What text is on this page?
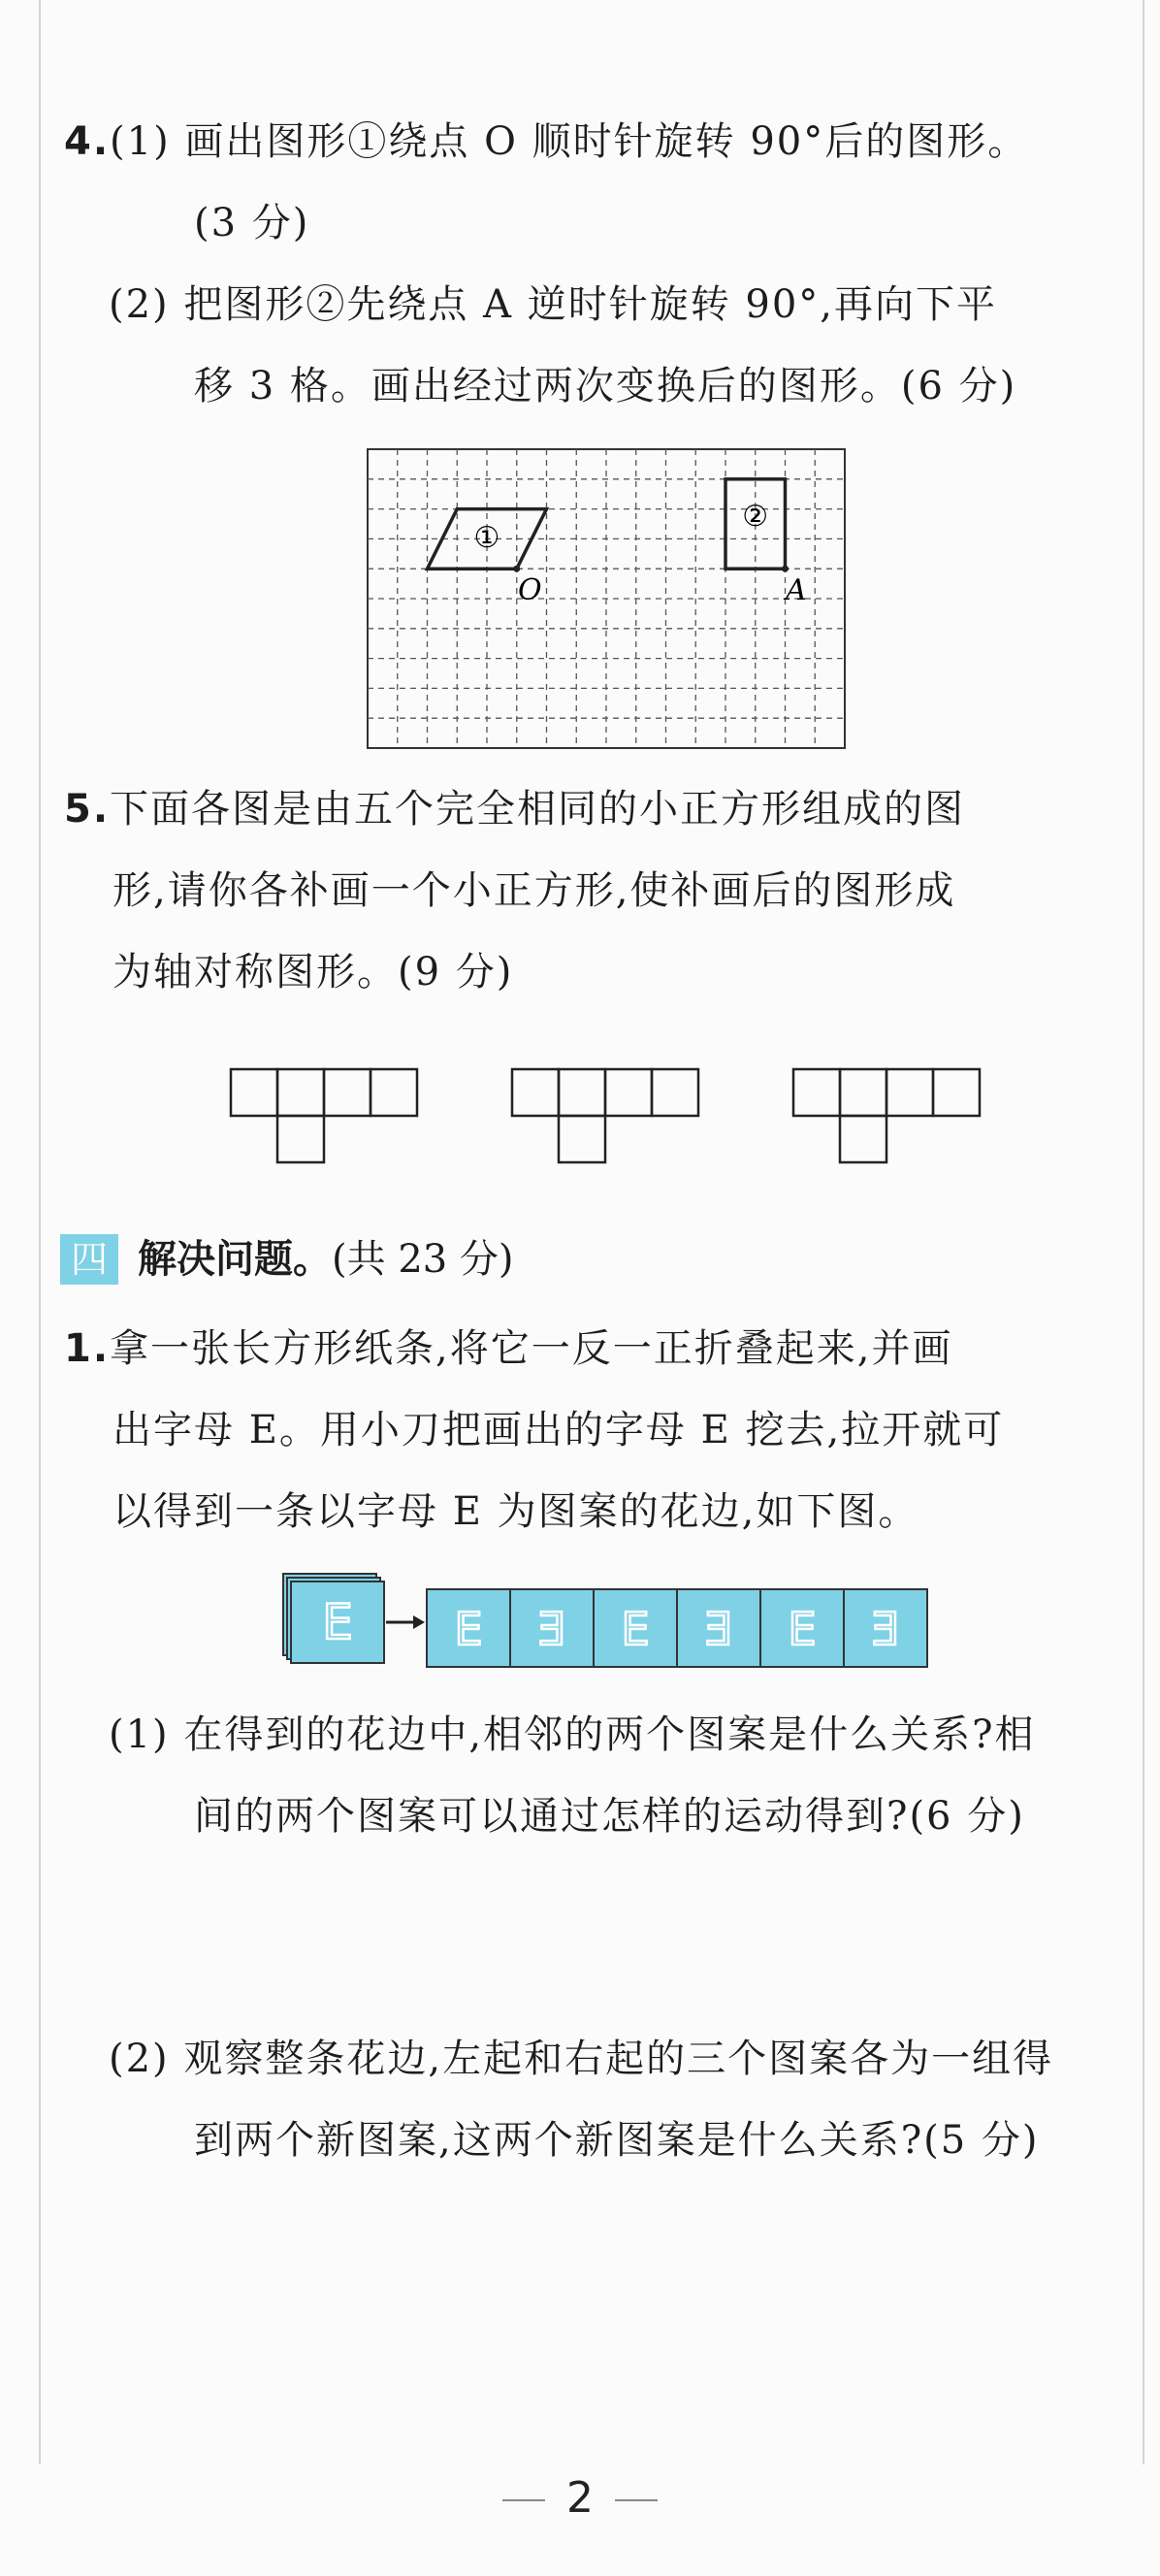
4.(1) 画出图形①绕点 O 顺时针旋转 90°后的图形。
(3 分)
(2) 把图形②先绕点 A 逆时针旋转 90°,再向下平
移 3 格。画出经过两次变换后的图形。(6 分)
①
O
②
A
5.下面各图是由五个完全相同的小正方形组成的图
形,请你各补画一个小正方形,使补画后的图形成
为轴对称图形。(9 分)
四 解决问题。(共 23 分)
1.拿一张长方形纸条,将它一反一正折叠起来,并画
出字母 E。用小刀把画出的字母 E 挖去,拉开就可
以得到一条以字母 E 为图案的花边,如下图。
E E E E E E E
(1) 在得到的花边中,相邻的两个图案是什么关系?相
间的两个图案可以通过怎样的运动得到?(6 分)
(2) 观察整条花边,左起和右起的三个图案各为一组得
到两个新图案,这两个新图案是什么关系?(5 分)
2
